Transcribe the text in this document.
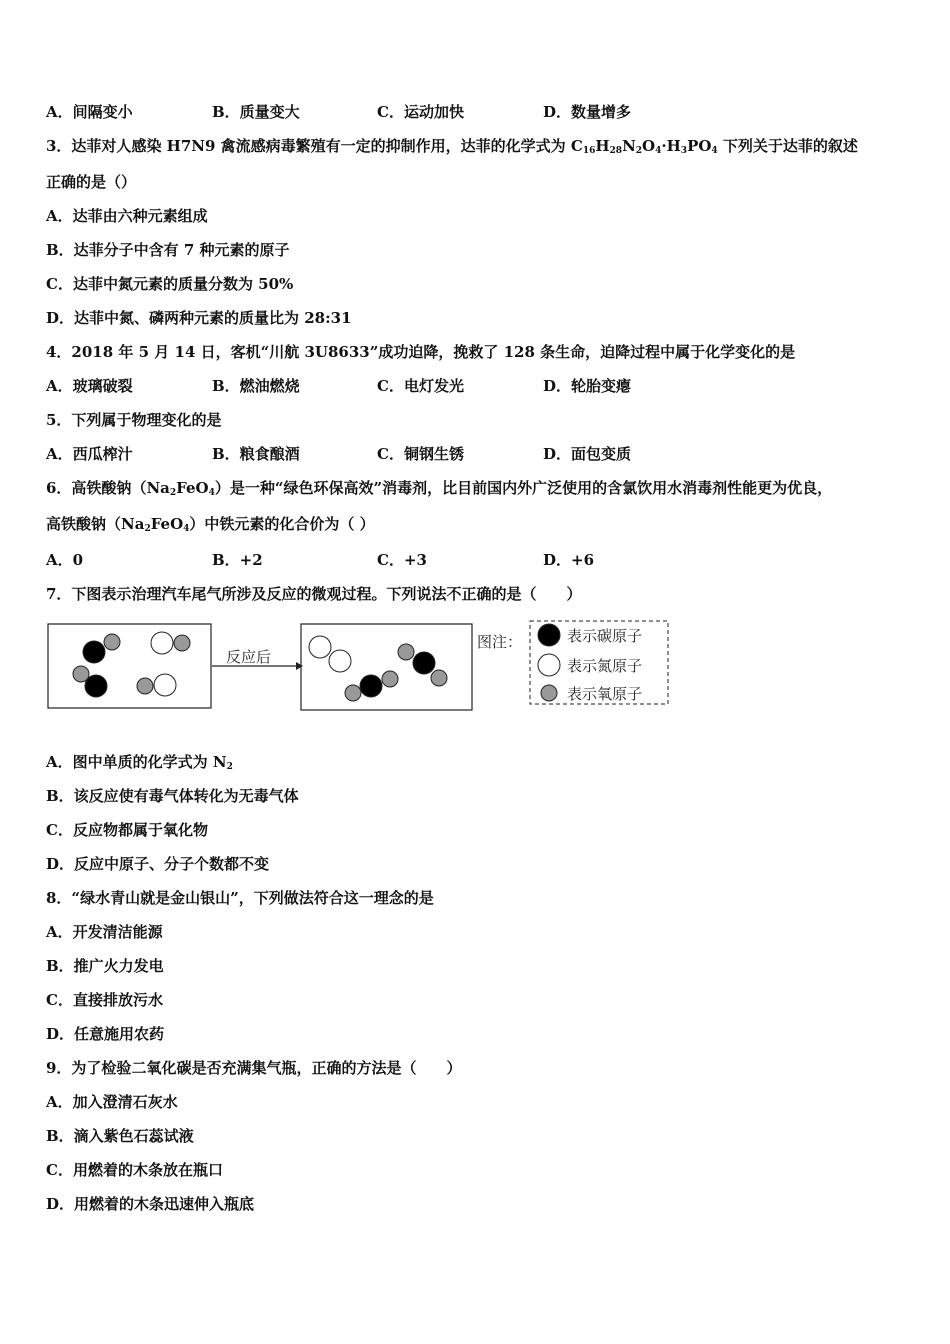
A．间隔变小	B．质量变大	C．运动加快	D．数量增多
3．达菲对人感染 H7N9 禽流感病毒繁殖有一定的抑制作用，达菲的化学式为 $C_{16}H_{28}N_2O_4\cdot H_3PO_4$ 下列关于达菲的叙述
正确的是（）
A．达菲由六种元素组成
B．达菲分子中含有 7 种元素的原子
C．达菲中氮元素的质量分数为 50%
D．达菲中氮、磷两种元素的质量比为 28:31
4．2018 年 5 月 14 日，客机“川航 3U8633”成功迫降，挽救了 128 条生命，迫降过程中属于化学变化的是
A．玻璃破裂	B．燃油燃烧	C．电灯发光	D．轮胎变瘪
5．下列属于物理变化的是
A．西瓜榨汁	B．粮食酿酒	C．铜钢生锈	D．面包变质
6．高铁酸钠$(Na_2FeO_4)$是一种“绿色环保高效”消毒剂，比目前国内外广泛使用的含氯饮用水消毒剂性能更为优良，
高铁酸钠$(Na_2FeO_4)$中铁元素的化合价为（ ）
A．0	B．+2	C．+3	D．+6
7．下图表示治理汽车尾气所涉及反应的微观过程。下列说法不正确的是（　　）
反应后
图注：	表示碳原子
表示氮原子
表示氧原子
A．图中单质的化学式为 $N_2$
B．该反应使有毒气体转化为无毒气体
C．反应物都属于氧化物
D．反应中原子、分子个数都不变
8．“绿水青山就是金山银山”，下列做法符合这一理念的是
A．开发清洁能源
B．推广火力发电
C．直接排放污水
D．任意施用农药
9．为了检验二氧化碳是否充满集气瓶，正确的方法是（　　）
A．加入澄清石灰水
B．滴入紫色石蕊试液
C．用燃着的木条放在瓶口
D．用燃着的木条迅速伸入瓶底
